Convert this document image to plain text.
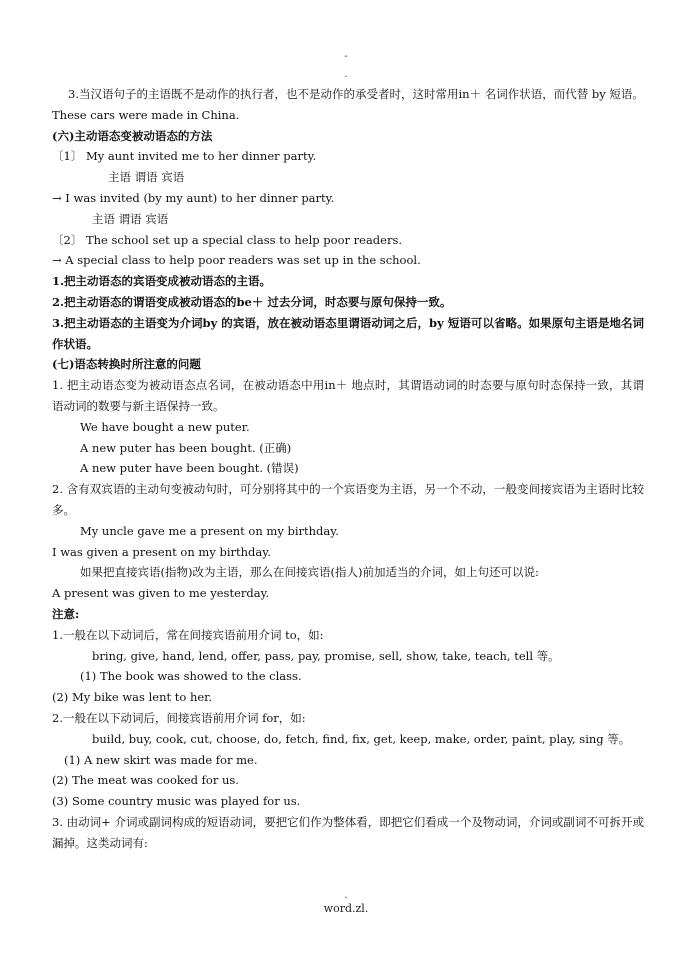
-
.
3.当汉语句子的主语既不是动作的执行者，也不是动作的承受者时，这时常用in＋ 名词作状语，而代替 by 短语。
These cars were made in China.
(六)主动语态变被动语态的方法
〔1〕 My aunt invited me to her dinner party.
主语 谓语 宾语
→ I was invited (by my aunt) to her dinner party.
主语 谓语 宾语
〔2〕 The school set up a special class to help poor readers.
→ A special class to help poor readers was set up in the school.
1.把主动语态的宾语变成被动语态的主语。
2.把主动语态的谓语变成被动语态的be＋ 过去分词，时态要与原句保持一致。
3.把主动语态的主语变为介词by 的宾语，放在被动语态里谓语动词之后，by 短语可以省略。如果原句主语是地名词作状语。
(七)语态转换时所注意的问题
1. 把主动语态变为被动语态点名词，在被动语态中用in＋ 地点时，其谓语动词的时态要与原句时态保持一致，其谓语动词的数要与新主语保持一致。
We have bought a new puter.
A new puter has been bought. (正确)
A new puter have been bought. (错误)
2. 含有双宾语的主动句变被动句时，可分别将其中的一个宾语变为主语，另一个不动，一般变间接宾语为主语时比较多。
My uncle gave me a present on my birthday.
I was given a present on my birthday.
如果把直接宾语(指物)改为主语，那么在间接宾语(指人)前加适当的介词，如上句还可以说:
A present was given to me yesterday.
注意:
1.一般在以下动词后，常在间接宾语前用介词 to，如:
bring, give, hand, lend, offer, pass, pay, promise, sell, show, take, teach, tell 等。
(1) The book was showed to the class.
(2) My bike was lent to her.
2.一般在以下动词后，间接宾语前用介词 for，如:
build, buy, cook, cut, choose, do, fetch, find, fix, get, keep, make, order, paint, play, sing 等。
(1) A new skirt was made for me.
(2) The meat was cooked for us.
(3) Some country music was played for us.
3. 由动词+ 介词或副词构成的短语动词，要把它们作为整体看，即把它们看成一个及物动词，介词或副词不可拆开或漏掉。这类动词有:
.
word.zl.
